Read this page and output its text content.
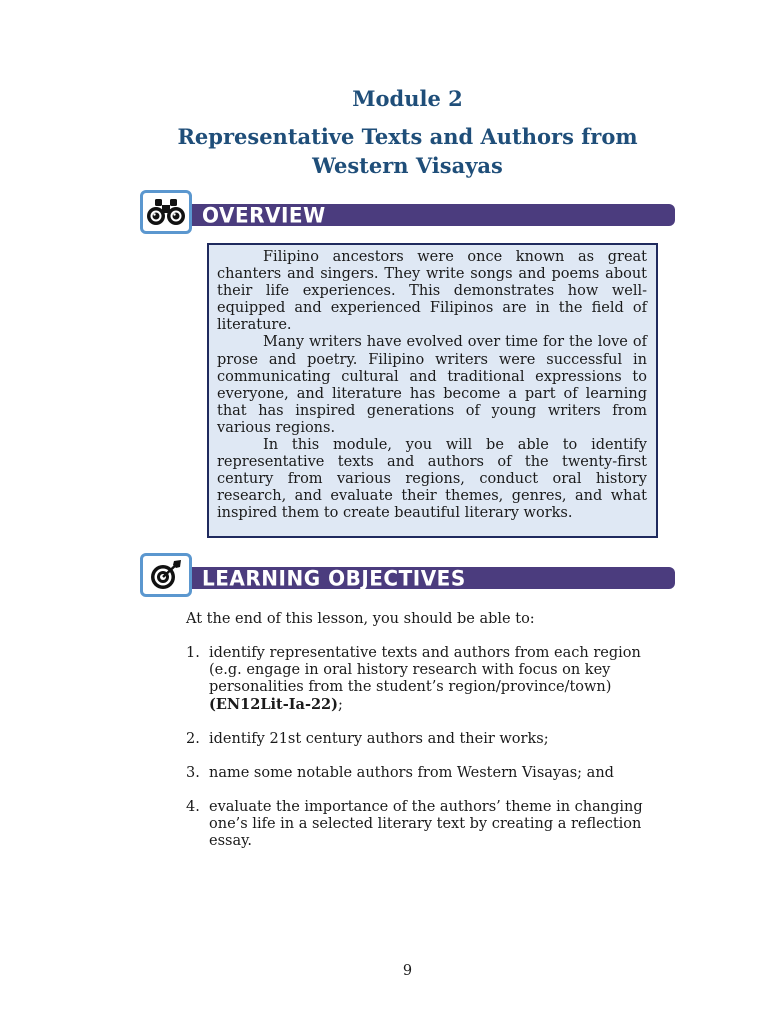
Module 2
Representative Texts and Authors from
Western Visayas
OVERVIEW

Filipino ancestors were once known as great chanters and singers. They write songs and poems about their life experiences. This demonstrates how well-equipped and experienced Filipinos are in the field of literature.

Many writers have evolved over time for the love of prose and poetry. Filipino writers were successful in communicating cultural and traditional expressions to everyone, and literature has become a part of learning that has inspired generations of young writers from various regions.

In this module, you will be able to identify representative texts and authors of the twenty-first century from various regions, conduct oral history research, and evaluate their themes, genres, and what inspired them to create beautiful literary works.

LEARNING OBJECTIVES
At the end of this lesson, you should be able to:
1. identify representative texts and authors from each region (e.g. engage in oral history research with focus on key personalities from the student’s region/province/town) (EN12Lit-Ia-22);
2. identify 21st century authors and their works;
3. name some notable authors from Western Visayas; and
4. evaluate the importance of the authors’ theme in changing one’s life in a selected literary text by creating a reflection essay.
9
